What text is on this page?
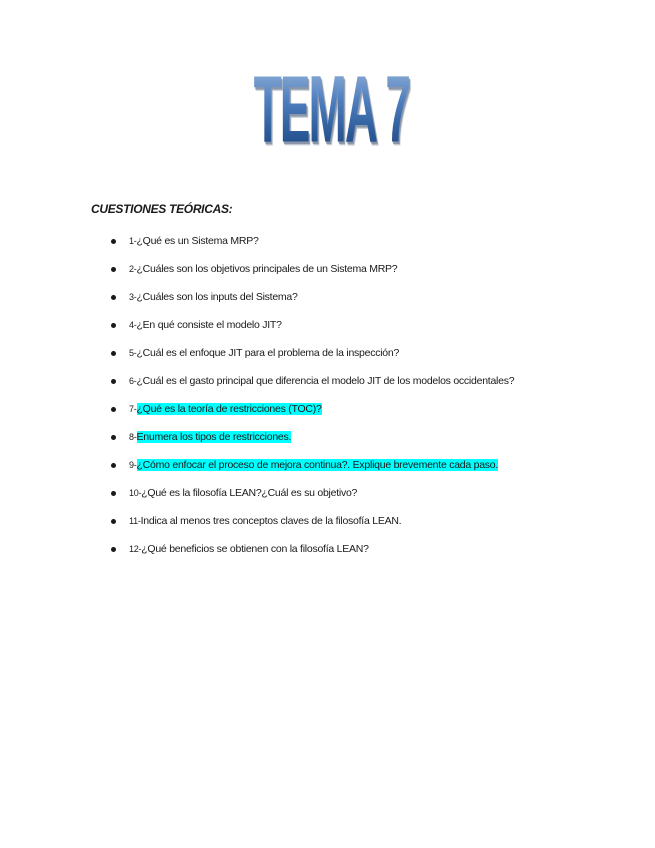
TEMA 7
CUESTIONES TEÓRICAS:
1-¿Qué es un Sistema MRP?
2-¿Cuáles son los objetivos principales de un Sistema MRP?
3-¿Cuáles son los inputs del Sistema?
4-¿En qué consiste el modelo JIT?
5-¿Cuál es el enfoque JIT para el problema de la inspección?
6-¿Cuál es el gasto principal que diferencia el modelo JIT de los modelos occidentales?
7-¿Qué es la teoría de restricciones (TOC)?
8-Enumera los tipos de restricciones.
9-¿Cómo enfocar el proceso de mejora continua?. Explique brevemente cada paso.
10-¿Qué es la filosofía LEAN?¿Cuál es su objetivo?
11-Indica al menos tres conceptos claves de la filosofía LEAN.
12-¿Qué beneficios se obtienen con la filosofía LEAN?
